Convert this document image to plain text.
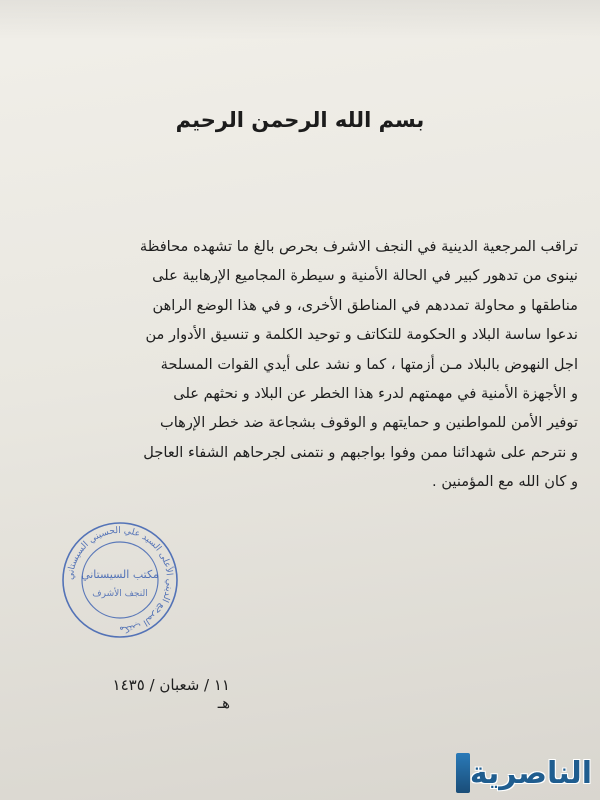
بسم الله الرحمن الرحيم
تراقب المرجعية الدينية في النجف الاشرف بحرص بالغ ما تشهده محافظة
نينوى من تدهور كبير في الحالة الأمنية و سيطرة المجاميع الإرهابية على
مناطقها و محاولة تمددهم في المناطق الأخرى، و في هذا الوضع الراهن
ندعوا ساسة البلاد و الحكومة للتكاتف و توحيد الكلمة و تنسيق الأدوار من
اجل النهوض بالبلاد مـن أزمتها ، كما و نشد على أيدي القوات المسلحة
و الأجهزة الأمنية في مهمتهم لدرء هذا الخطر عن البلاد و نحثهم على
توفير الأمن للمواطنين و حمايتهم و الوقوف بشجاعة ضد خطر الإرهاب
و نترحم على شهدائنا ممن وفوا بواجبهم و نتمنى لجرحاهم الشفاء العاجل
و كان الله مع المؤمنين .
مكتب المرجع الديني الأعلى السيد علي الحسيني السيستاني
مكتب السيستاني
النجف الأشرف
١١ / شعبان / ١٤٣٥ هـ
الناصرية
